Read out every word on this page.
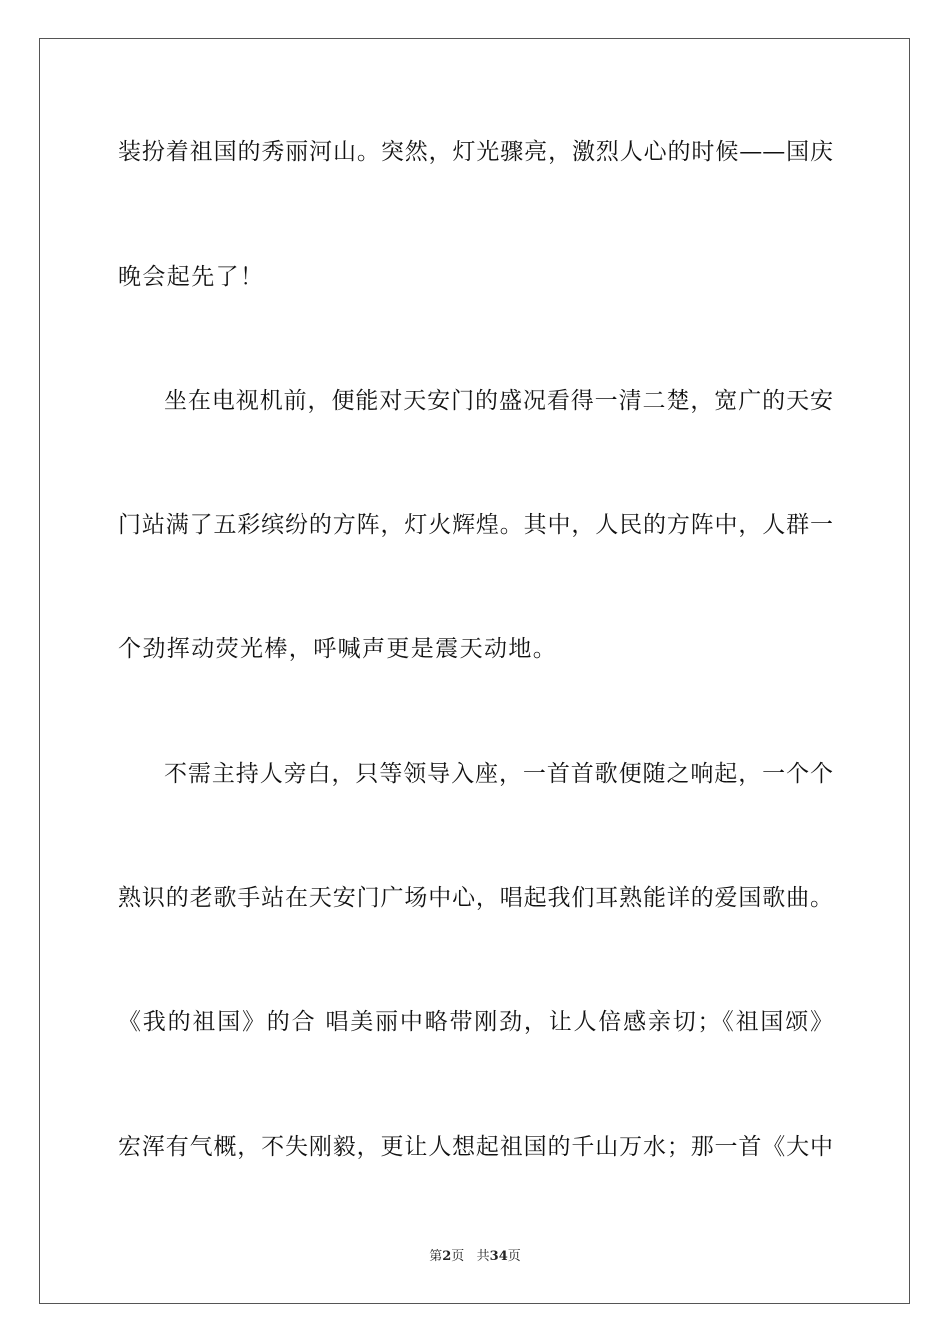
装扮着祖国的秀丽河山。突然，灯光骤亮，激烈人心的时候——国庆
晚会起先了！
坐在电视机前，便能对天安门的盛况看得一清二楚，宽广的天安
门站满了五彩缤纷的方阵，灯火辉煌。其中，人民的方阵中，人群一
个劲挥动荧光棒，呼喊声更是震天动地。
不需主持人旁白，只等领导入座，一首首歌便随之响起，一个个
熟识的老歌手站在天安门广场中心，唱起我们耳熟能详的爱国歌曲。
《我的祖国》的合 唱美丽中略带刚劲，让人倍感亲切；《祖国颂》
宏浑有气概，不失刚毅，更让人想起祖国的千山万水；那一首《大中
第2页   共34页
